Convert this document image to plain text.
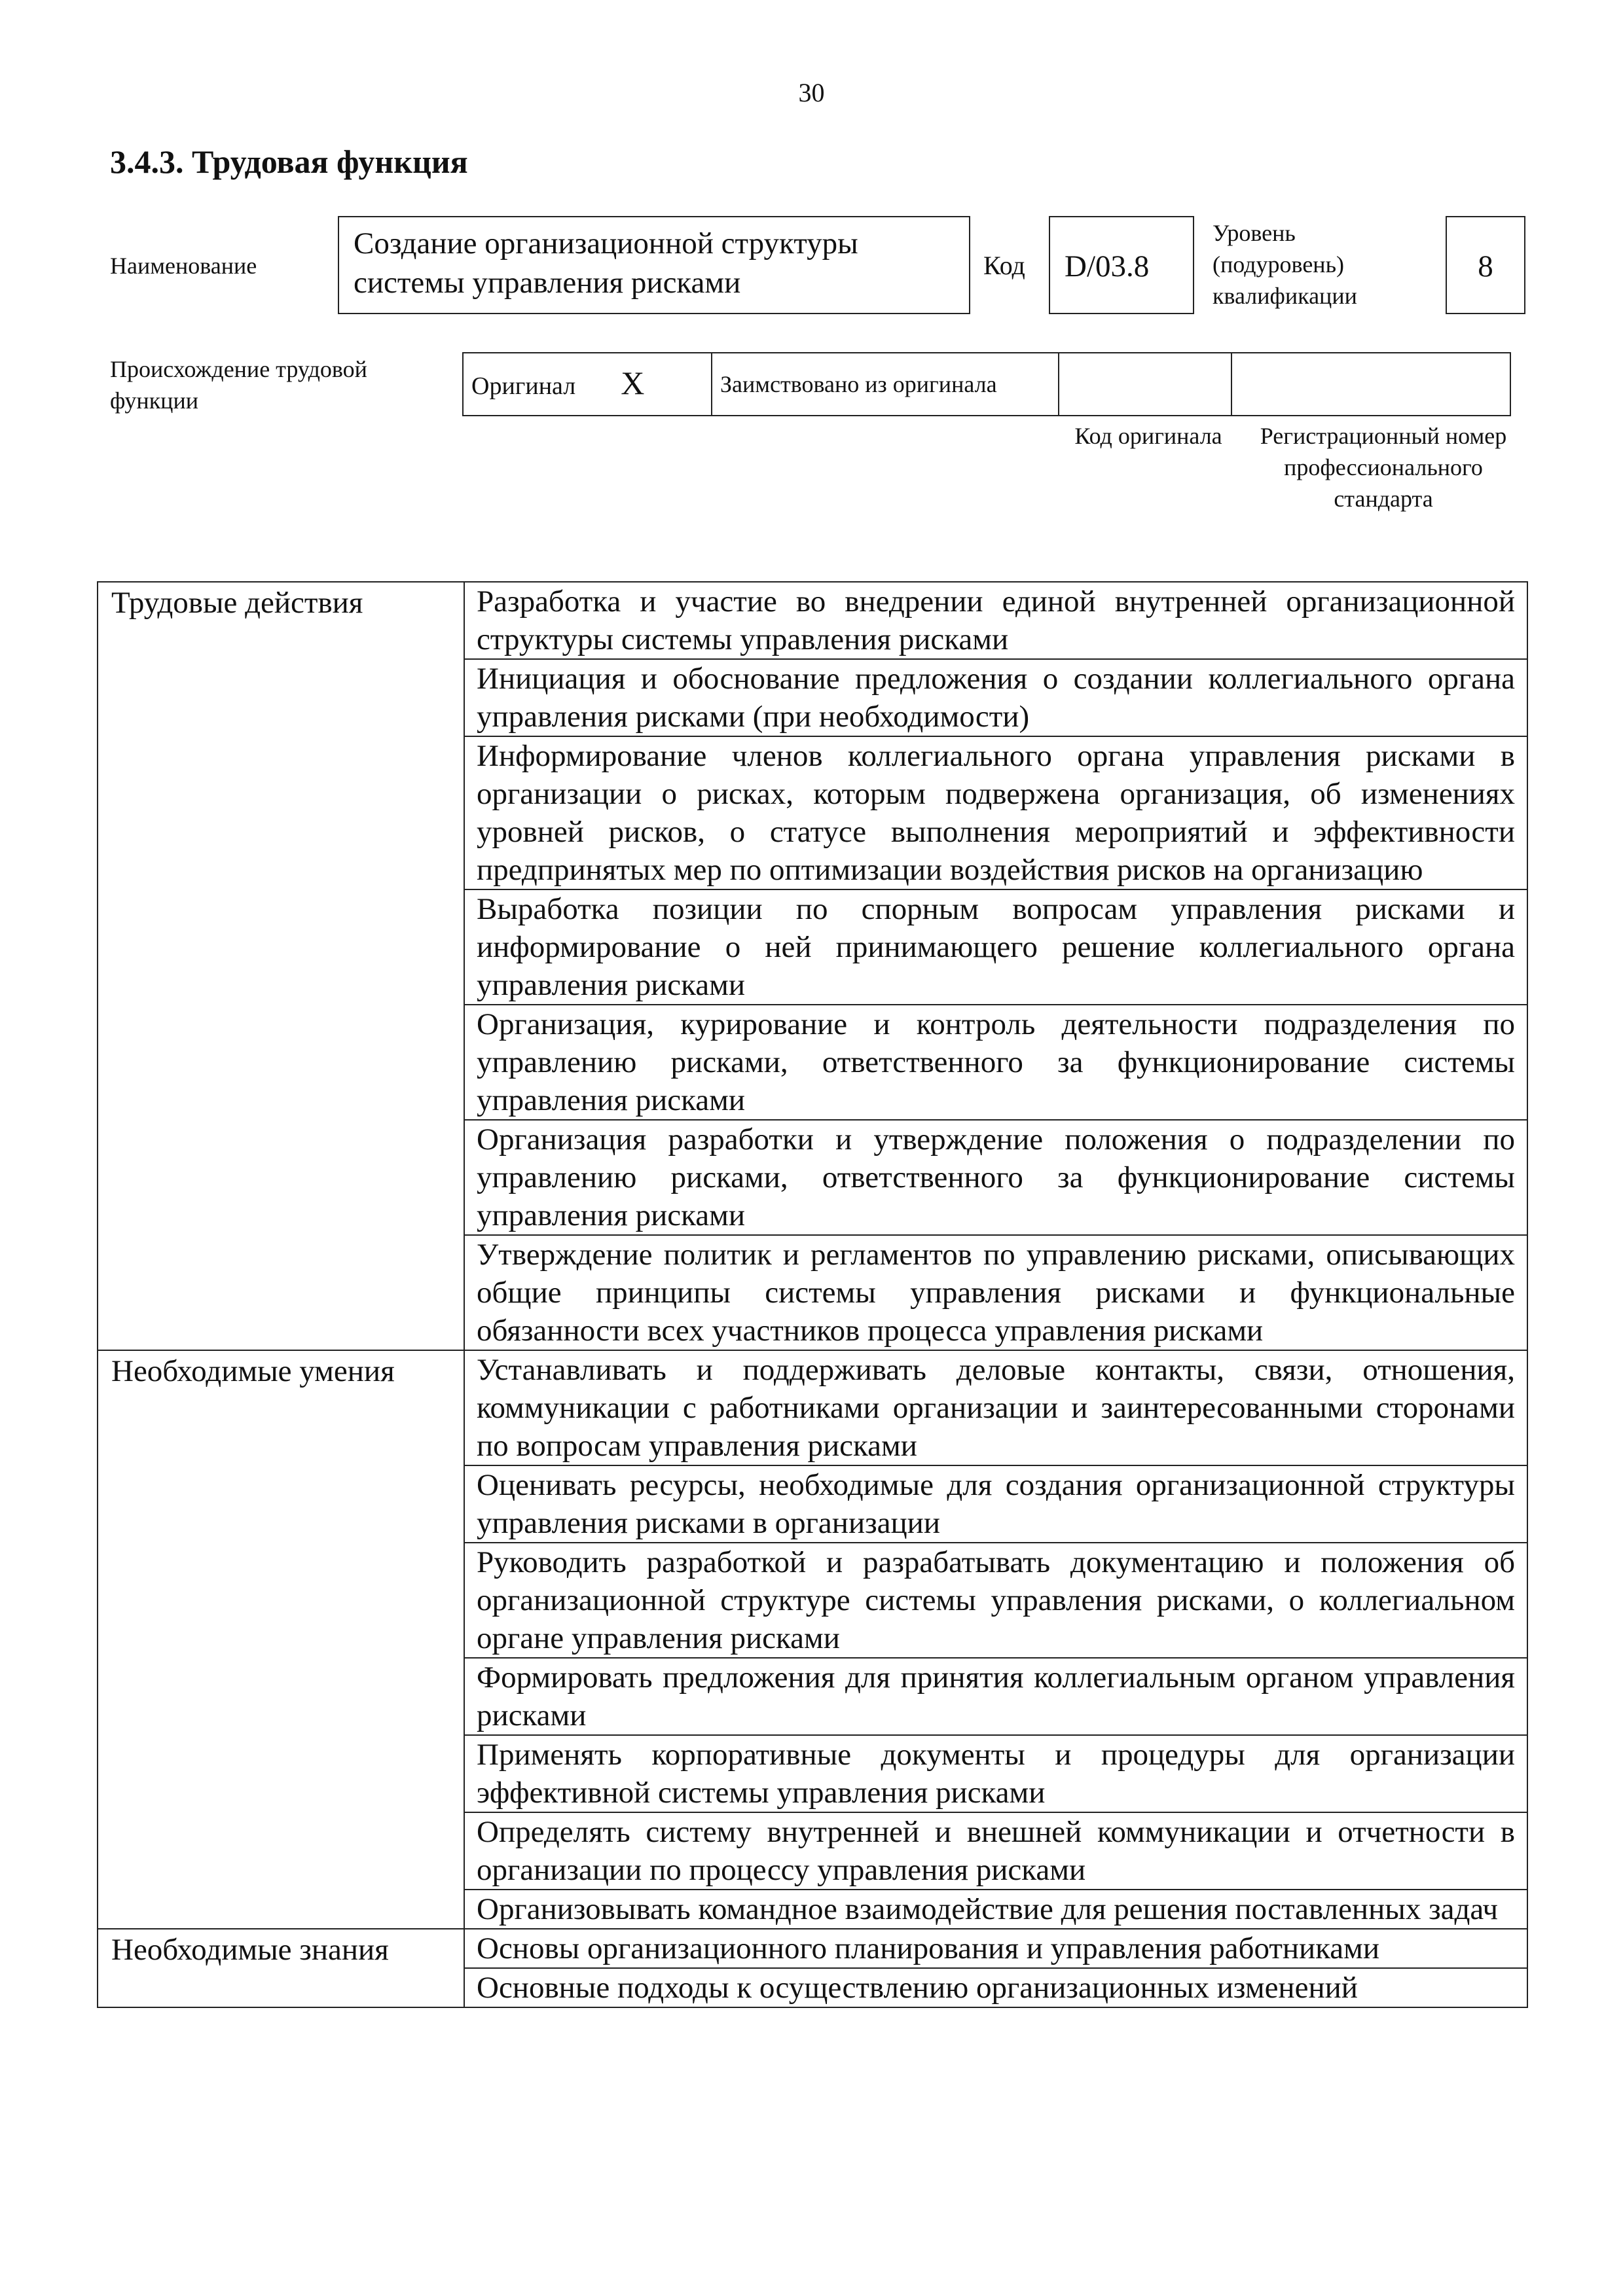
30
3.4.3. Трудовая функция
Наименование
Создание организационной структуры системы управления рисками
Код	D/03.8
Уровень (подуровень) квалификации
8
Происхождение трудовой функции
Оригинал X	Заимствовано из оригинала		
Код оригинала	Регистрационный номер профессионального стандарта
Трудовые действия	Разработка и участие во внедрении единой внутренней организационной структуры системы управления рисками
	Инициация и обоснование предложения о создании коллегиального органа управления рисками (при необходимости)
	Информирование членов коллегиального органа управления рисками в организации о рисках, которым подвержена организация, об изменениях уровней рисков, о статусе выполнения мероприятий и эффективности предпринятых мер по оптимизации воздействия рисков на организацию
	Выработка позиции по спорным вопросам управления рисками и информирование о ней принимающего решение коллегиального органа управления рисками
	Организация, курирование и контроль деятельности подразделения по управлению рисками, ответственного за функционирование системы управления рисками
	Организация разработки и утверждение положения о подразделении по управлению рисками, ответственного за функционирование системы управления рисками
	Утверждение политик и регламентов по управлению рисками, описывающих общие принципы системы управления рисками и функциональные обязанности всех участников процесса управления рисками
Необходимые умения	Устанавливать и поддерживать деловые контакты, связи, отношения, коммуникации с работниками организации и заинтересованными сторонами по вопросам управления рисками
	Оценивать ресурсы, необходимые для создания организационной структуры управления рисками в организации
	Руководить разработкой и разрабатывать документацию и положения об организационной структуре системы управления рисками, о коллегиальном органе управления рисками
	Формировать предложения для принятия коллегиальным органом управления рисками
	Применять корпоративные документы и процедуры для организации эффективной системы управления рисками
	Определять систему внутренней и внешней коммуникации и отчетности в организации по процессу управления рисками
	Организовывать командное взаимодействие для решения поставленных задач
Необходимые знания	Основы организационного планирования и управления работниками
	Основные подходы к осуществлению организационных изменений
